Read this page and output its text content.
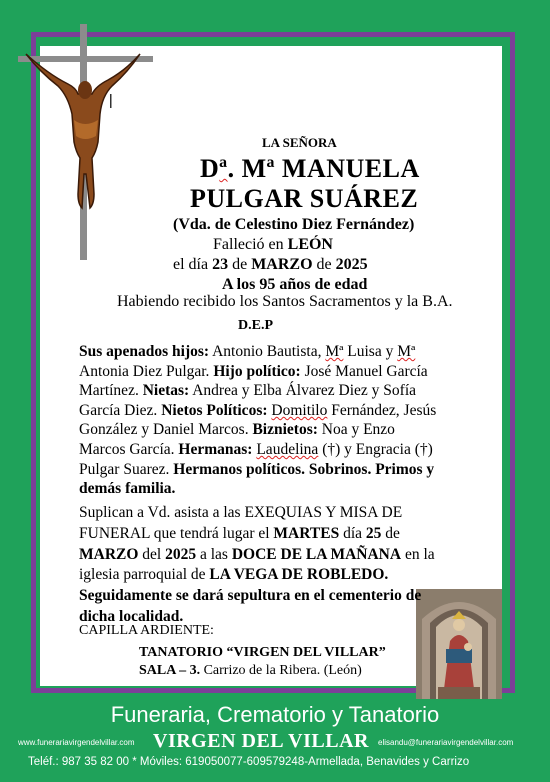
LA SEÑORA
Dª. Mª MANUELA
PULGAR SUÁREZ
(Vda. de Celestino Diez Fernández)
Falleció en LEÓN
el día 23 de MARZO de 2025
A los 95 años de edad
Habiendo recibido los Santos Sacramentos y la B.A.
D.E.P
Sus apenados hijos: Antonio Bautista, Mª Luisa y Mª
Antonia Diez Pulgar. Hijo político: José Manuel García
Martínez. Nietas: Andrea y Elba Álvarez Diez y Sofía
García Diez. Nietos Políticos: Domitilo Fernández, Jesús
González y Daniel Marcos. Biznietos: Noa y Enzo
Marcos García. Hermanas: Laudelina (†) y Engracia (†)
Pulgar Suarez. Hermanos políticos. Sobrinos. Primos y
demás familia.
Suplican a Vd. asista a las EXEQUIAS Y MISA DE
FUNERAL que tendrá lugar el MARTES día 25 de
MARZO del 2025 a las DOCE DE LA MAÑANA en la
iglesia parroquial de LA VEGA DE ROBLEDO.
Seguidamente se dará sepultura en el cementerio de
dicha localidad.
CAPILLA ARDIENTE:
TANATORIO “VIRGEN DEL VILLAR”
SALA – 3. Carrizo de la Ribera. (León)
Funeraria, Crematorio y Tanatorio
www.funerariavirgendelvillar.com VIRGEN DEL VILLAR elisandu@funerariavirgendelvillar.com
Teléf.: 987 35 82 00 * Móviles: 619050077-609579248-Armellada, Benavides y Carrizo
